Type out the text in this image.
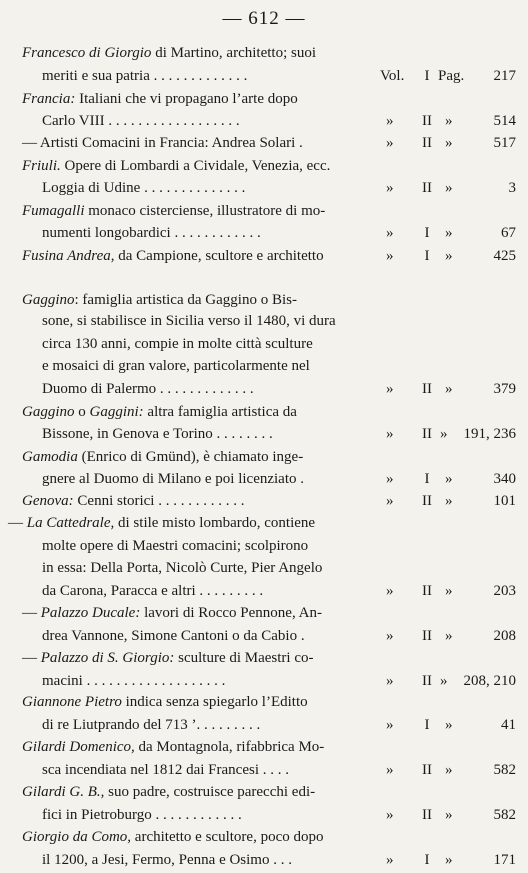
— 612 —
Francesco di Giorgio di Martino, architetto; suoi
meriti e sua patria . . . . . . . . . . . . .	Vol. I Pag. 217
Francia: Italiani che vi propagano l’arte dopo
Carlo VIII . . . . . . . . . . . . . . . . . .	» II »	514
— Artisti Comacini in Francia: Andrea Solari .	» II »	517
Friuli. Opere di Lombardi a Cividale, Venezia, ecc.
Loggia di Udine . . . . . . . . . . . . . .	» II »	3
Fumagalli monaco cisterciense, illustratore di mo-
numenti longobardici . . . . . . . . . . . .	» I »	67
Fusina Andrea, da Campione, scultore e architetto	» I »	425
Gaggino: famiglia artistica da Gaggino o Bis-
sone, si stabilisce in Sicilia verso il 1480, vi dura
circa 130 anni, compie in molte città sculture
e mosaici di gran valore, particolarmente nel
Duomo di Palermo . . . . . . . . . . . . .	» II »	379
Gaggino o Gaggini: altra famiglia artistica da
Bissone, in Genova e Torino . . . . . . . .	» II » 191, 236
Gamodia (Enrico di Gmünd), è chiamato inge-
gnere al Duomo di Milano e poi licenziato .	» I »	340
Genova: Cenni storici . . . . . . . . . . . .	» II »	101
— La Cattedrale, di stile misto lombardo, contiene
molte opere di Maestri comacini; scolpirono
in essa: Della Porta, Nicolò Curte, Pier Angelo
da Carona, Paracca e altri . . . . . . . . .	» II »	203
— Palazzo Ducale: lavori di Rocco Pennone, An-
drea Vannone, Simone Cantoni o da Cabio .	» II »	208
— Palazzo di S. Giorgio: sculture di Maestri co-
macini . . . . . . . . . . . . . . . . . . .	» II » 208, 210
Giannone Pietro indica senza spiegarlo l’Editto
di re Liutprando del 713 ’. . . . . . . . .	» I »	41
Gilardi Domenico, da Montagnola, rifabbrica Mo-
sca incendiata nel 1812 dai Francesi . . . .	» II »	582
Gilardi G. B., suo padre, costruisce parecchi edi-
fici in Pietroburgo . . . . . . . . . . . .	» II »	582
Giorgio da Como, architetto e scultore, poco dopo
il 1200, a Jesi, Fermo, Penna e Osimo . . .	» I »	171
